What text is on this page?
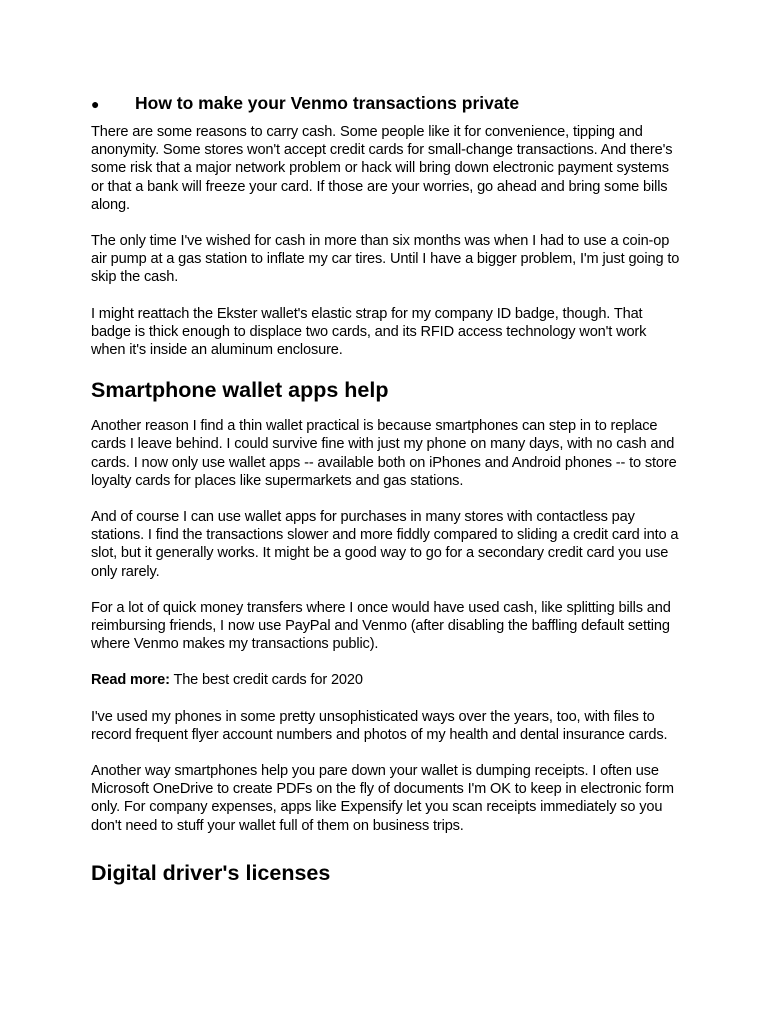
●	How to make your Venmo transactions private

There are some reasons to carry cash. Some people like it for convenience, tipping and anonymity. Some stores won't accept credit cards for small-change transactions. And there's some risk that a major network problem or hack will bring down electronic payment systems or that a bank will freeze your card. If those are your worries, go ahead and bring some bills along.

The only time I've wished for cash in more than six months was when I had to use a coin-op air pump at a gas station to inflate my car tires. Until I have a bigger problem, I'm just going to skip the cash.

I might reattach the Ekster wallet's elastic strap for my company ID badge, though. That badge is thick enough to displace two cards, and its RFID access technology won't work when it's inside an aluminum enclosure.

Smartphone wallet apps help

Another reason I find a thin wallet practical is because smartphones can step in to replace cards I leave behind. I could survive fine with just my phone on many days, with no cash and cards. I now only use wallet apps -- available both on iPhones and Android phones -- to store loyalty cards for places like supermarkets and gas stations.

And of course I can use wallet apps for purchases in many stores with contactless pay stations. I find the transactions slower and more fiddly compared to sliding a credit card into a slot, but it generally works. It might be a good way to go for a secondary credit card you use only rarely.

For a lot of quick money transfers where I once would have used cash, like splitting bills and reimbursing friends, I now use PayPal and Venmo (after disabling the baffling default setting where Venmo makes my transactions public).

Read more: The best credit cards for 2020

I've used my phones in some pretty unsophisticated ways over the years, too, with files to record frequent flyer account numbers and photos of my health and dental insurance cards.

Another way smartphones help you pare down your wallet is dumping receipts. I often use Microsoft OneDrive to create PDFs on the fly of documents I'm OK to keep in electronic form only. For company expenses, apps like Expensify let you scan receipts immediately so you don't need to stuff your wallet full of them on business trips.

Digital driver's licenses
